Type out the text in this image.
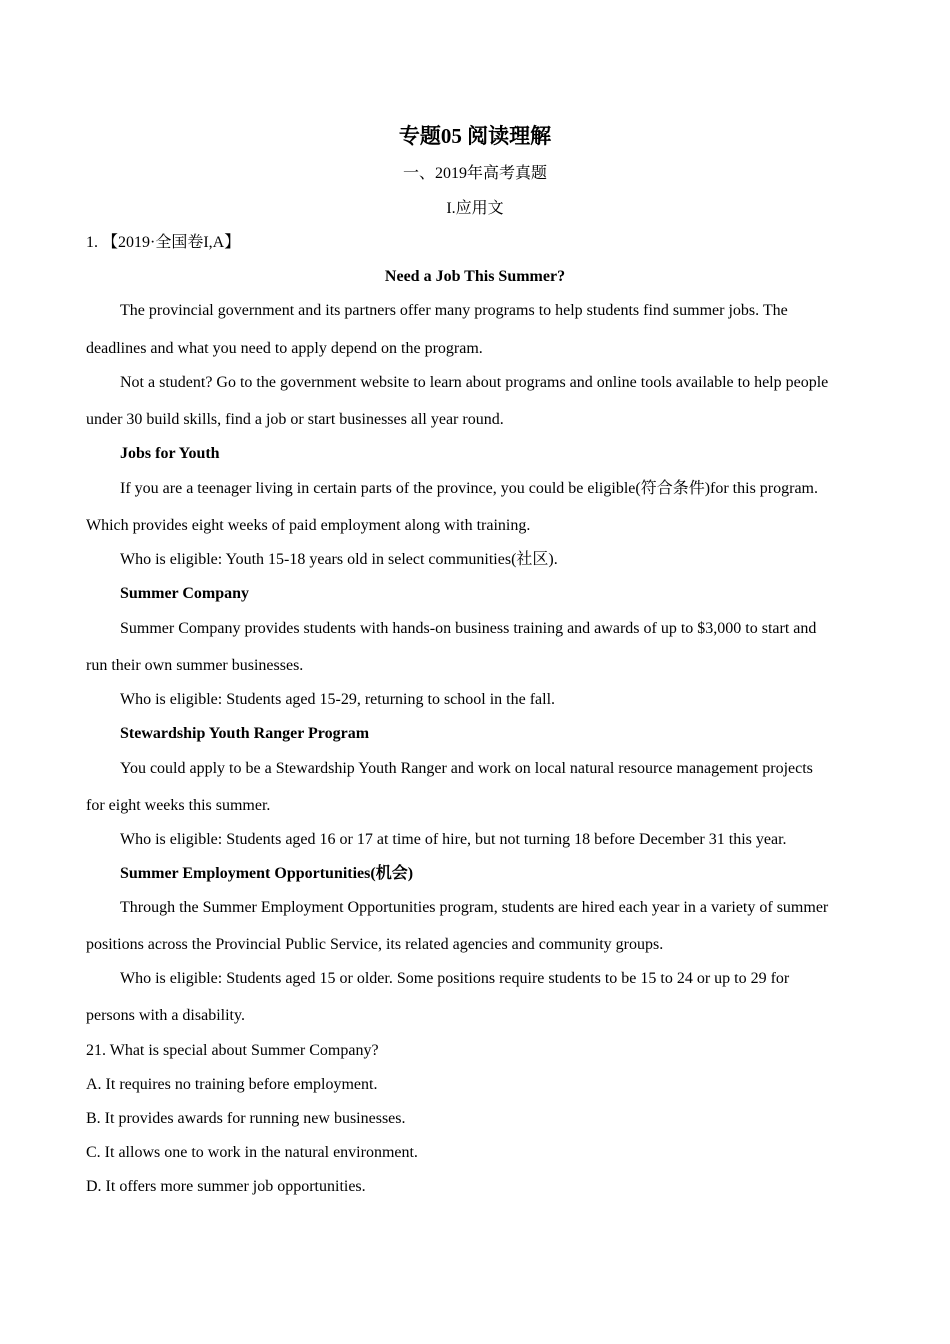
专题05 阅读理解
一、2019年高考真题
I.应用文
1. 【2019·全国卷I,A】
Need a Job This Summer?
The provincial government and its partners offer many programs to help students find summer jobs. The
deadlines and what you need to apply depend on the program.
Not a student? Go to the government website to learn about programs and online tools available to help people
under 30 build skills, find a job or start businesses all year round.
Jobs for Youth
If you are a teenager living in certain parts of the province, you could be eligible(符合条件)for this program.
Which provides eight weeks of paid employment along with training.
Who is eligible: Youth 15-18 years old in select communities(社区).
Summer Company
Summer Company provides students with hands-on business training and awards of up to $3,000 to start and
run their own summer businesses.
Who is eligible: Students aged 15-29, returning to school in the fall.
Stewardship Youth Ranger Program
You could apply to be a Stewardship Youth Ranger and work on local natural resource management projects
for eight weeks this summer.
Who is eligible: Students aged 16 or 17 at time of hire, but not turning 18 before December 31 this year.
Summer Employment Opportunities(机会)
Through the Summer Employment Opportunities program, students are hired each year in a variety of summer
positions across the Provincial Public Service, its related agencies and community groups.
Who is eligible: Students aged 15 or older. Some positions require students to be 15 to 24 or up to 29 for
persons with a disability.
21. What is special about Summer Company?
A. It requires no training before employment.
B. It provides awards for running new businesses.
C. It allows one to work in the natural environment.
D. It offers more summer job opportunities.
